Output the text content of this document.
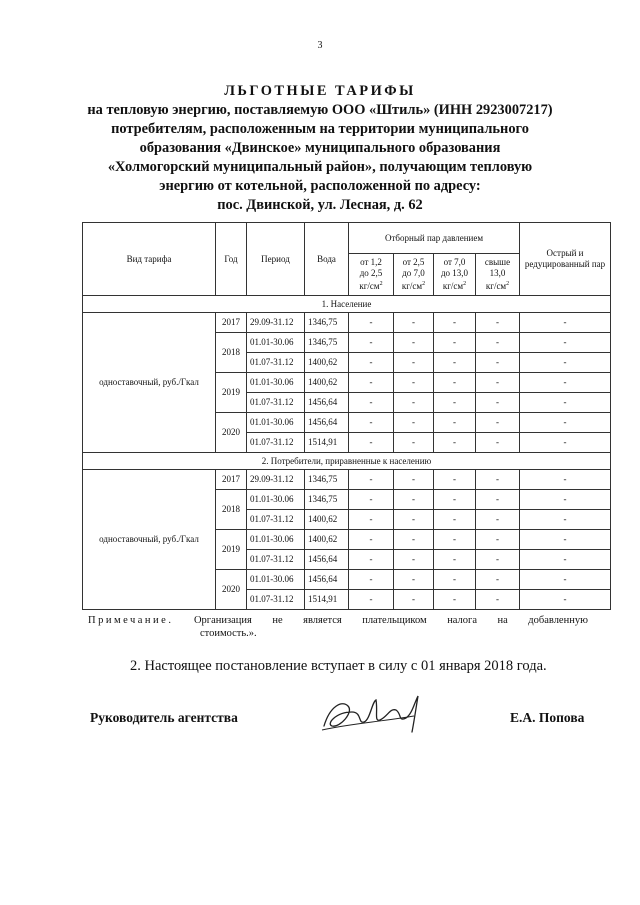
3
ЛЬГОТНЫЕ ТАРИФЫ
на тепловую энергию, поставляемую ООО «Штиль» (ИНН 2923007217)
потребителям, расположенным на территории муниципального
образования «Двинское» муниципального образования
«Холмогорский муниципальный район», получающим тепловую
энергию от котельной, расположенной по адресу:
пос. Двинской, ул. Лесная, д. 62
Вид тарифа	Год	Период	Вода	Отборный пар давлением				Острый и редуцированный пар
				от 1,2
до 2,5
$кг/см^2$	от 2,5
до 7,0
$кг/см^2$	от 7,0
до 13,0
$кг/см^2$	свыше
13,0
$кг/см^2$
1. Население								
одноставочный, руб./Гкал	2017	29.09-31.12	1346,75	-	-	-	-	-
	2018	01.01-30.06	1346,75	-	-	-	-	-
		01.07-31.12	1400,62	-	-	-	-	-
	2019	01.01-30.06	1400,62	-	-	-	-	-
		01.07-31.12	1456,64	-	-	-	-	-
	2020	01.01-30.06	1456,64	-	-	-	-	-
		01.07-31.12	1514,91	-	-	-	-	-
2. Потребители, приравненные к населению								
одноставочный, руб./Гкал	2017	29.09-31.12	1346,75	-	-	-	-	-
	2018	01.01-30.06	1346,75	-	-	-	-	-
		01.07-31.12	1400,62	-	-	-	-	-
	2019	01.01-30.06	1400,62	-	-	-	-	-
		01.07-31.12	1456,64	-	-	-	-	-
	2020	01.01-30.06	1456,64	-	-	-	-	-
		01.07-31.12	1514,91	-	-	-	-	-
Примечание. Организация не является плательщиком налога на добавленную
стоимость.».
2. Настоящее постановление вступает в силу с 01 января 2018 года.
Руководитель агентства	Е.А. Попова
